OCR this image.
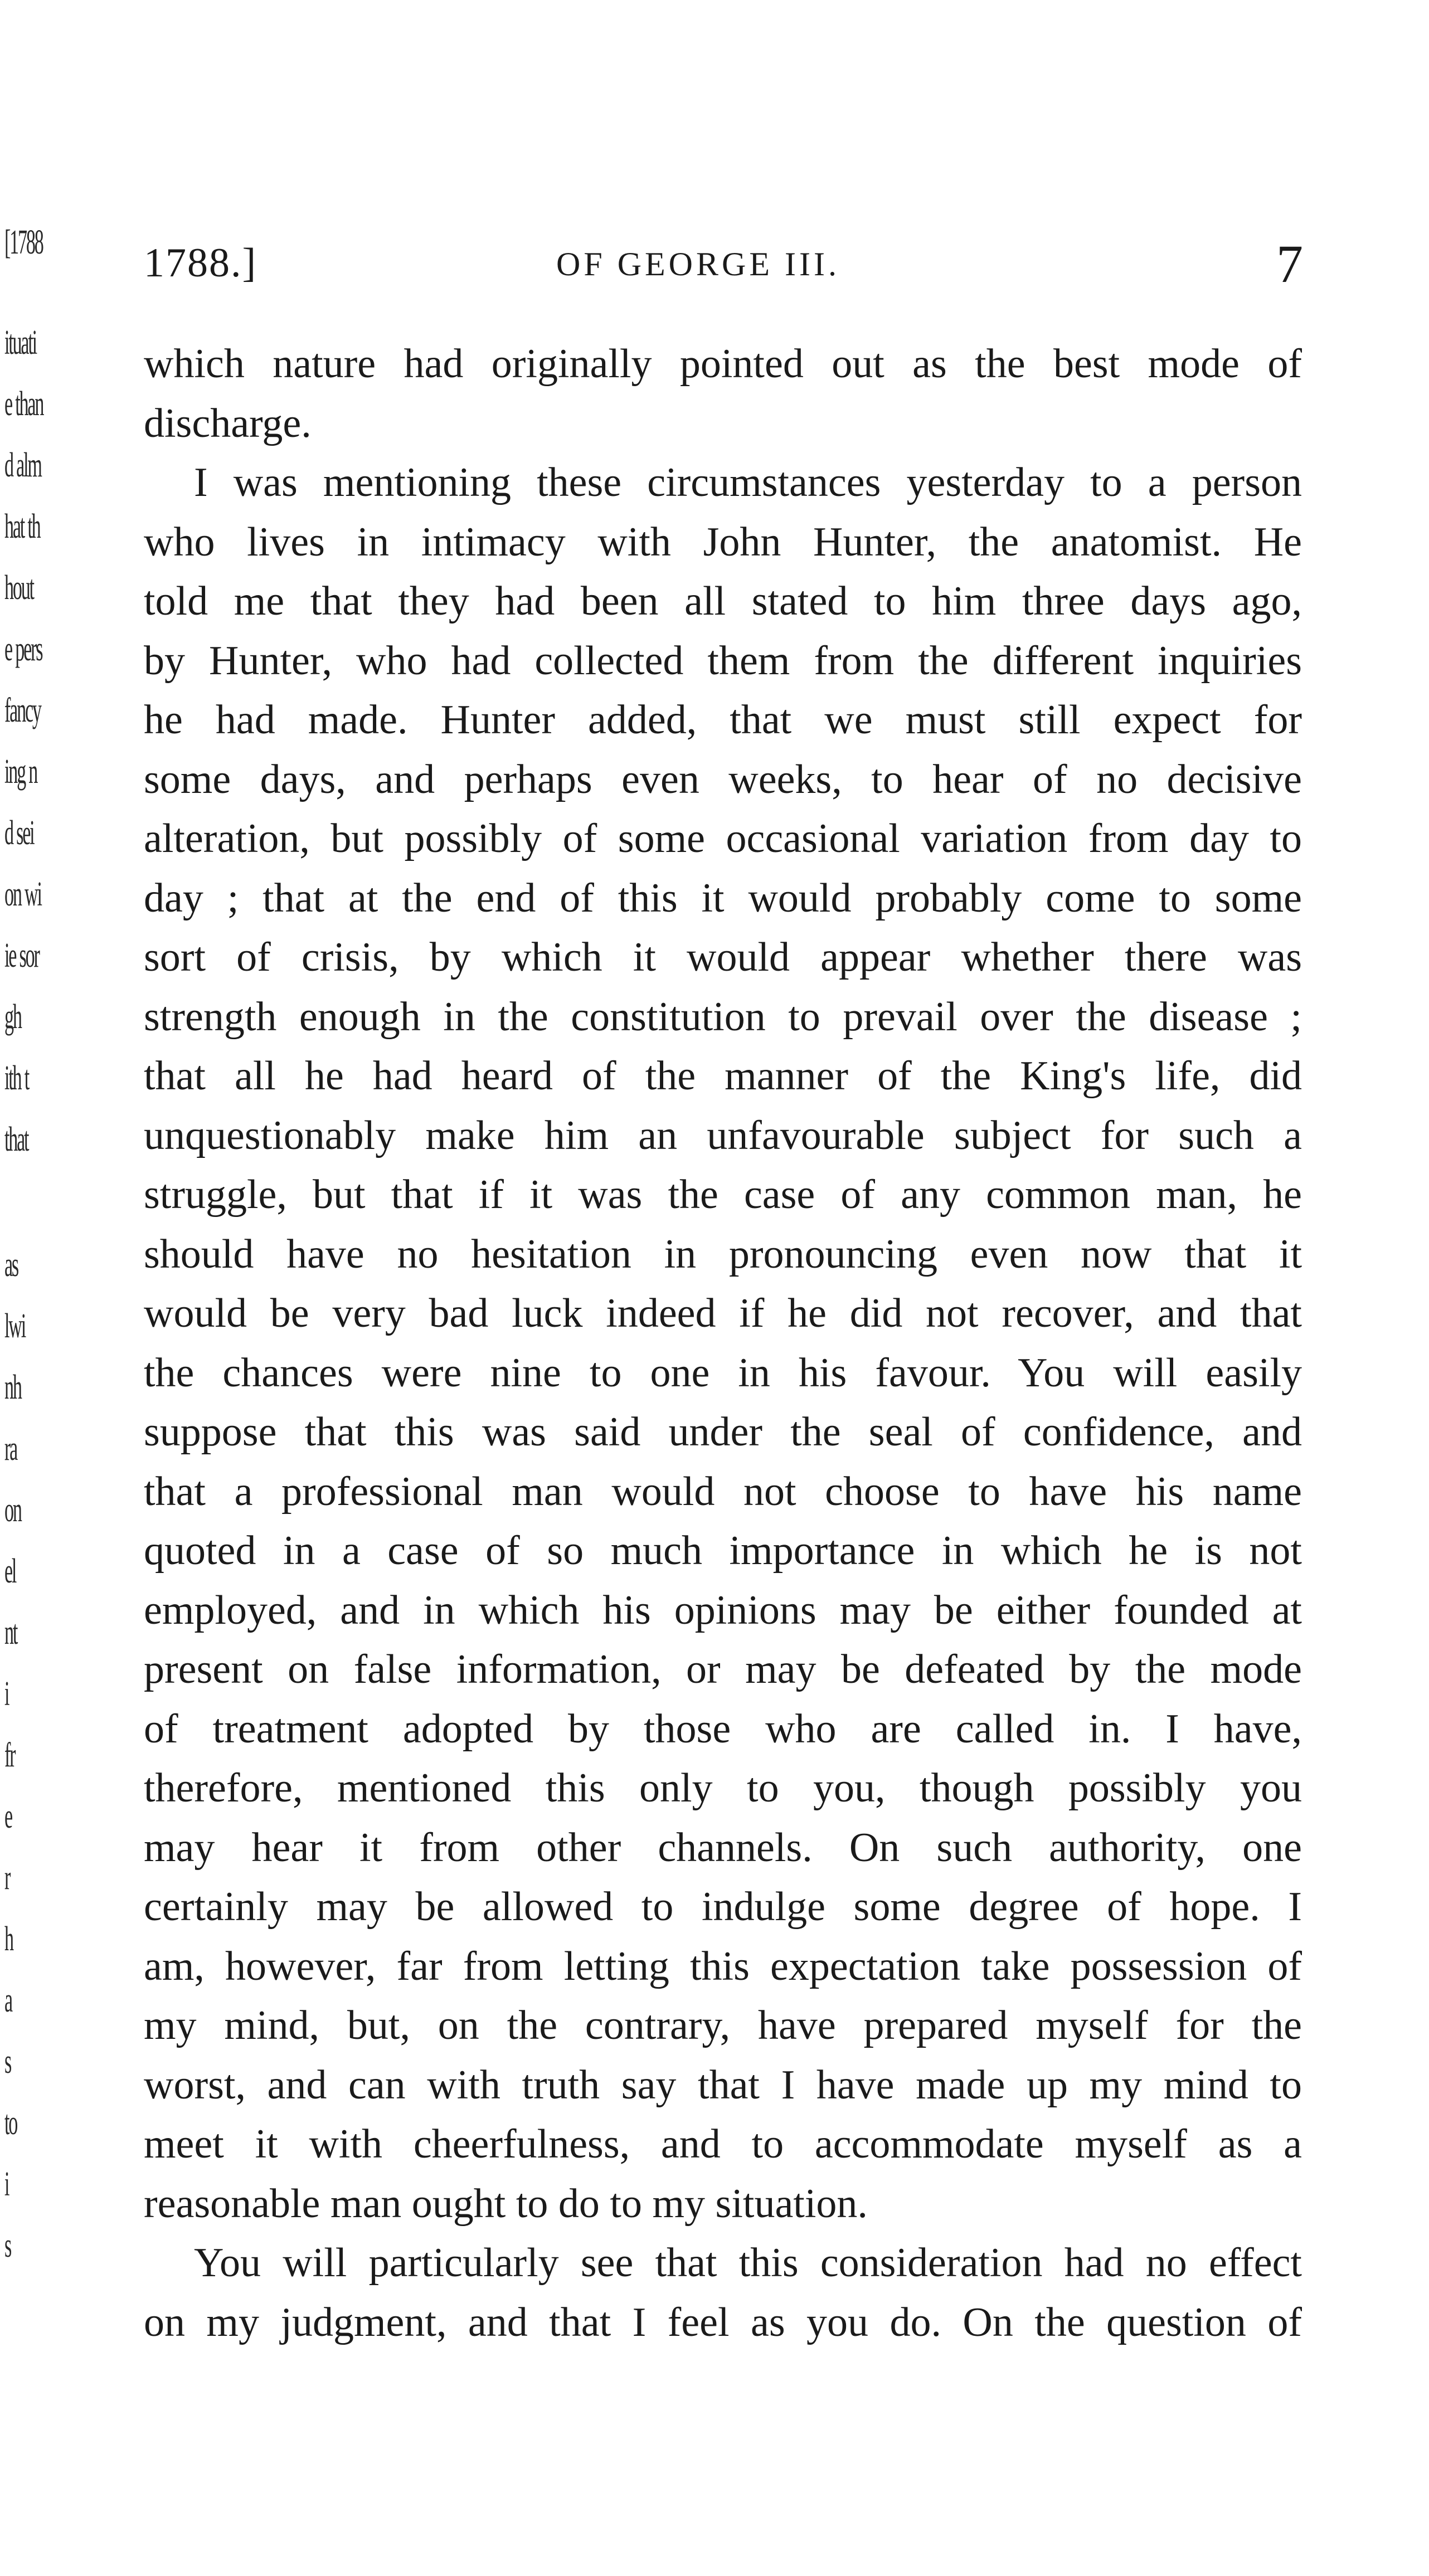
[1788
ituati
e than
d alm
hat th
hout
e pers
fancy
ing n
d sei
on wi
ie sor
gh
ith t
that
as
lwi
nh
ra
on
el
nt
i
fr
e
r
h
a
s
to
i
s
1788.]	OF GEORGE III.	7
which nature had originally pointed out as the best mode of
discharge.
I was mentioning these circumstances yesterday to a person
who lives in intimacy with John Hunter, the anatomist. He
told me that they had been all stated to him three days ago,
by Hunter, who had collected them from the different inquiries
he had made. Hunter added, that we must still expect for
some days, and perhaps even weeks, to hear of no decisive
alteration, but possibly of some occasional variation from day to
day ; that at the end of this it would probably come to some
sort of crisis, by which it would appear whether there was
strength enough in the constitution to prevail over the disease ;
that all he had heard of the manner of the King's life, did
unquestionably make him an unfavourable subject for such a
struggle, but that if it was the case of any common man, he
should have no hesitation in pronouncing even now that it
would be very bad luck indeed if he did not recover, and that
the chances were nine to one in his favour. You will easily
suppose that this was said under the seal of confidence, and
that a professional man would not choose to have his name
quoted in a case of so much importance in which he is not
employed, and in which his opinions may be either founded at
present on false information, or may be defeated by the mode
of treatment adopted by those who are called in. I have,
therefore, mentioned this only to you, though possibly you
may hear it from other channels. On such authority, one
certainly may be allowed to indulge some degree of hope. I
am, however, far from letting this expectation take possession of
my mind, but, on the contrary, have prepared myself for the
worst, and can with truth say that I have made up my mind to
meet it with cheerfulness, and to accommodate myself as a
reasonable man ought to do to my situation.
You will particularly see that this consideration had no effect
on my judgment, and that I feel as you do. On the question of
